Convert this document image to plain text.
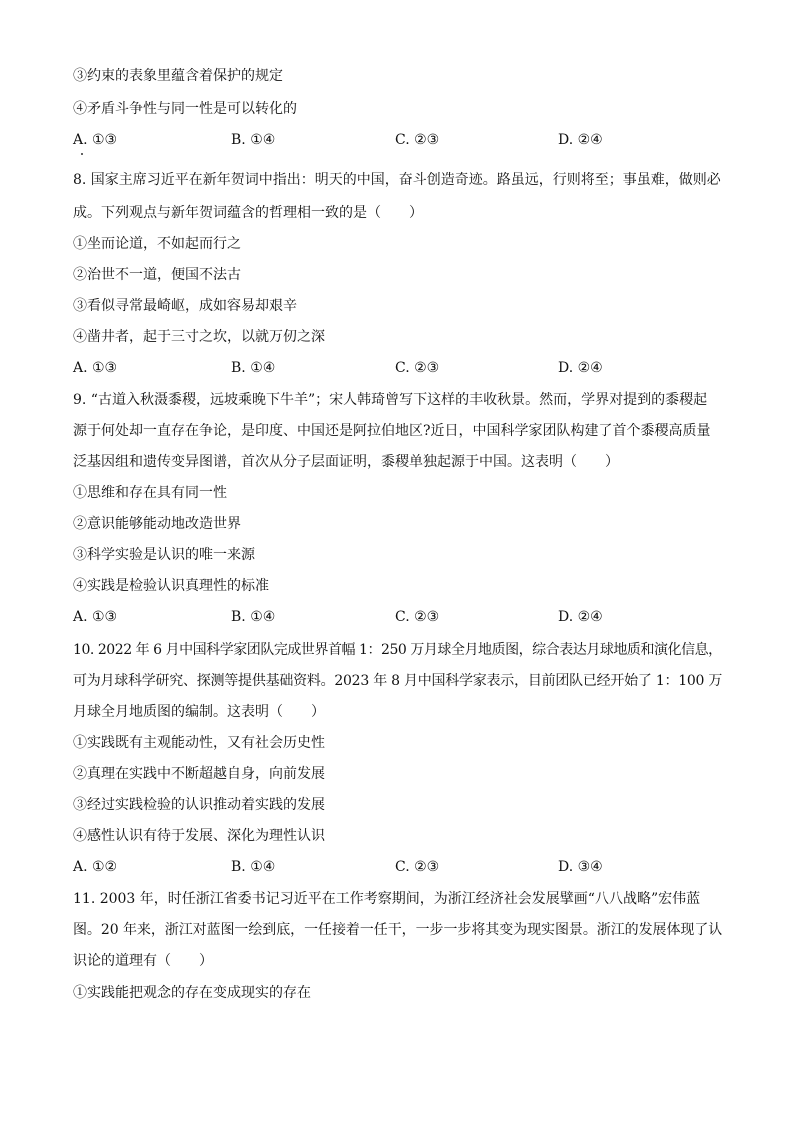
③约束的表象里蕴含着保护的规定
④矛盾斗争性与同一性是可以转化的
A. ①③	B. ①④	C. ②③	D. ②④
8. 国家主席习近平在新年贺词中指出：明天的中国，奋斗创造奇迹。路虽远，行则将至；事虽难，做则必
成。下列观点与新年贺词蕴含的哲理相一致的是（　　）
①坐而论道，不如起而行之
②治世不一道，便国不法古
③看似寻常最崎岖，成如容易却艰辛
④凿井者，起于三寸之坎，以就万仞之深
A. ①③	B. ①④	C. ②③	D. ②④
9. “古道入秋滠黍稷，远坡乘晚下牛羊”；宋人韩琦曾写下这样的丰收秋景。然而，学界对提到的黍稷起
源于何处却一直存在争论，是印度、中国还是阿拉伯地区?近日，中国科学家团队构建了首个黍稷高质量
泛基因组和遗传变异图谱，首次从分子层面证明，黍稷单独起源于中国。这表明（　　）
①思维和存在具有同一性
②意识能够能动地改造世界
③科学实验是认识的唯一来源
④实践是检验认识真理性的标准
A. ①③	B. ①④	C. ②③	D. ②④
10. 2022 年 6 月中国科学家团队完成世界首幅 1：250 万月球全月地质图，综合表达月球地质和演化信息，
可为月球科学研究、探测等提供基础资料。2023 年 8 月中国科学家表示，目前团队已经开始了 1：100 万
月球全月地质图的编制。这表明（　　）
①实践既有主观能动性，又有社会历史性
②真理在实践中不断超越自身，向前发展
③经过实践检验的认识推动着实践的发展
④感性认识有待于发展、深化为理性认识
A. ①②	B. ①④	C. ②③	D. ③④
11. 2003 年，时任浙江省委书记习近平在工作考察期间，为浙江经济社会发展擘画“八八战略”宏伟蓝
图。20 年来，浙江对蓝图一绘到底，一任接着一任干，一步一步将其变为现实图景。浙江的发展体现了认
识论的道理有（　　）
①实践能把观念的存在变成现实的存在
